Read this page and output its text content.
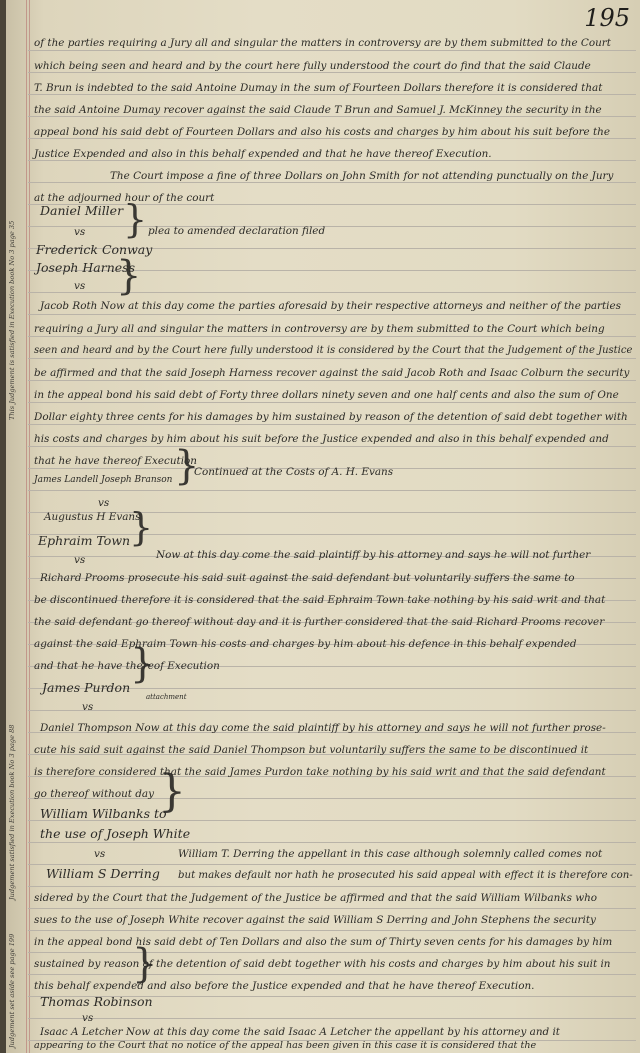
195
This Judgement is satisfied in Execution book No 3 page 35
Judgement satisfied in Execution book No 3 page 88
Judgement set aside see page 199
}
}
}
}
}
}
}
of the parties requiring a Jury all and singular the matters in controversy are by them submitted to the Court
which being seen and heard and by the court here fully understood the court do find that the said Claude
T. Brun is indebted to the said Antoine Dumay in the sum of Fourteen Dollars therefore it is considered that
the said Antoine Dumay recover against the said Claude T Brun and Samuel J. McKinney the security in the
appeal bond his said debt of Fourteen Dollars and also his costs and charges by him about his suit before the
Justice Expended and also in this behalf expended and that he have thereof Execution.
The Court impose a fine of three Dollars on John Smith for not attending punctually on the Jury
at the adjourned hour of the court
Daniel Miller
vs	plea to amended declaration filed
Frederick Conway
Joseph Harness
vs
Jacob Roth Now at this day come the parties aforesaid by their respective attorneys and neither of the parties
requiring a Jury all and singular the matters in controversy are by them submitted to the Court which being
seen and heard and by the Court here fully understood it is considered by the Court that the Judgement of the Justice
be affirmed and that the said Joseph Harness recover against the said Jacob Roth and Isaac Colburn the security
in the appeal bond his said debt of Forty three dollars ninety seven and one half cents and also the sum of One
Dollar eighty three cents for his damages by him sustained by reason of the detention of said debt together with
his costs and charges by him about his suit before the Justice expended and also in this behalf expended and
that he have thereof Execution
James Landell Joseph Branson
vs
Continued at the Costs of A. H. Evans
Augustus H Evans
Ephraim Town
vs	Now at this day come the said plaintiff by his attorney and says he will not further
Richard Prooms prosecute his said suit against the said defendant but voluntarily suffers the same to
be discontinued therefore it is considered that the said Ephraim Town take nothing by his said writ and that
the said defendant go thereof without day and it is further considered that the said Richard Prooms recover
against the said Ephraim Town his costs and charges by him about his defence in this behalf expended
and that he have thereof Execution
James Purdon
vs
attachment
Daniel Thompson Now at this day come the said plaintiff by his attorney and says he will not further prose-
cute his said suit against the said Daniel Thompson but voluntarily suffers the same to be discontinued it
is therefore considered that the said James Purdon take nothing by his said writ and that the said defendant
go thereof without day
William Wilbanks to
the use of Joseph White
vs	William T. Derring the appellant in this case although solemnly called comes not
William S Derring but makes default nor hath he prosecuted his said appeal with effect it is therefore con-
sidered by the Court that the Judgement of the Justice be affirmed and that the said William Wilbanks who
sues to the use of Joseph White recover against the said William S Derring and John Stephens the security
in the appeal bond his said debt of Ten Dollars and also the sum of Thirty seven cents for his damages by him
sustained by reason of the detention of said debt together with his costs and charges by him about his suit in
this behalf expended and also before the Justice expended and that he have thereof Execution.
Thomas Robinson
vs
Isaac A Letcher Now at this day come the said Isaac A Letcher the appellant by his attorney and it
appearing to the Court that no notice of the appeal has been given in this case it is considered that the
